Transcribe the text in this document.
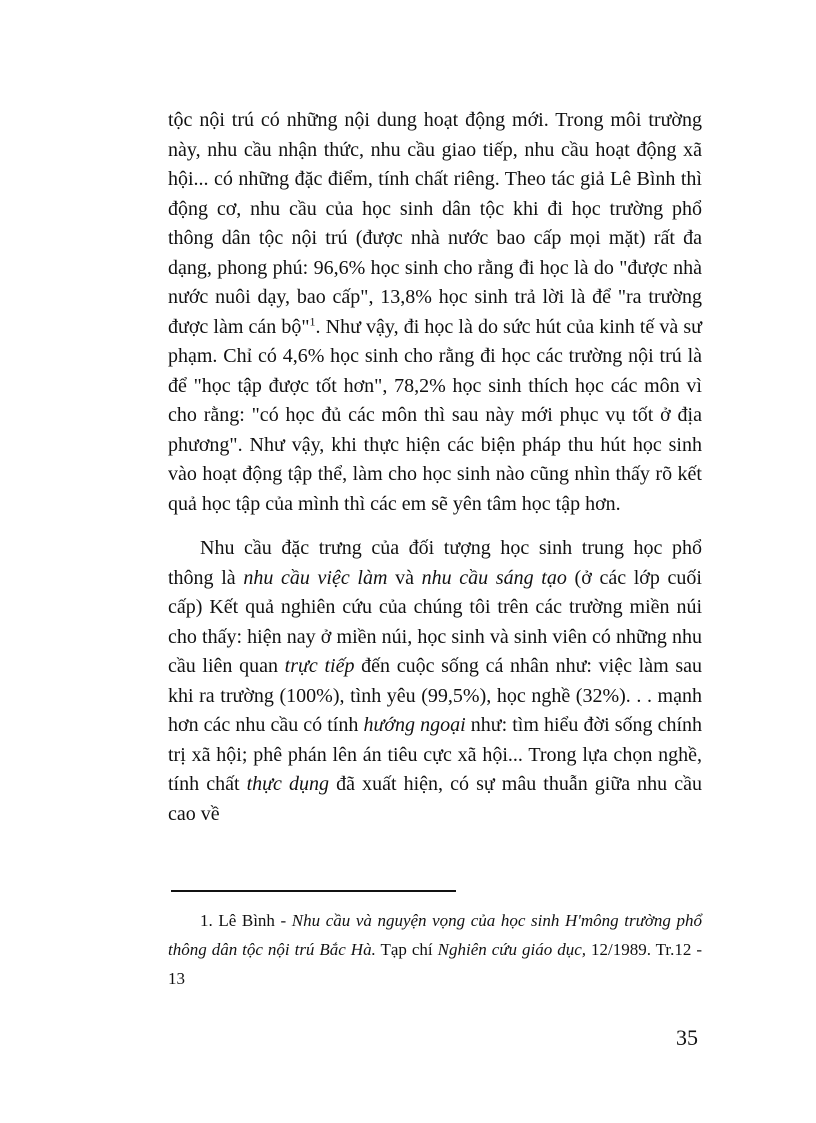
tộc nội trú có những nội dung hoạt động mới. Trong môi trường này, nhu cầu nhận thức, nhu cầu giao tiếp, nhu cầu hoạt động xã hội... có những đặc điểm, tính chất riêng. Theo tác giả Lê Bình thì động cơ, nhu cầu của học sinh dân tộc khi đi học trường phổ thông dân tộc nội trú (được nhà nước bao cấp mọi mặt) rất đa dạng, phong phú: 96,6% học sinh cho rằng đi học là do "được nhà nước nuôi dạy, bao cấp", 13,8% học sinh trả lời là để "ra trường được làm cán bộ"$^1$. Như vậy, đi học là do sức hút của kinh tế và sư phạm. Chỉ có 4,6% học sinh cho rằng đi học các trường nội trú là để "học tập được tốt hơn", 78,2% học sinh thích học các môn vì cho rằng: "có học đủ các môn thì sau này mới phục vụ tốt ở địa phương". Như vậy, khi thực hiện các biện pháp thu hút học sinh vào hoạt động tập thể, làm cho học sinh nào cũng nhìn thấy rõ kết quả học tập của mình thì các em sẽ yên tâm học tập hơn.

Nhu cầu đặc trưng của đối tượng học sinh trung học phổ thông là nhu cầu việc làm và nhu cầu sáng tạo (ở các lớp cuối cấp) Kết quả nghiên cứu của chúng tôi trên các trường miền núi cho thấy: hiện nay ở miền núi, học sinh và sinh viên có những nhu cầu liên quan trực tiếp đến cuộc sống cá nhân như: việc làm sau khi ra trường (100%), tình yêu (99,5%), học nghề (32%). . . mạnh hơn các nhu cầu có tính hướng ngoại như: tìm hiểu đời sống chính trị xã hội; phê phán lên án tiêu cực xã hội... Trong lựa chọn nghề, tính chất thực dụng đã xuất hiện, có sự mâu thuẫn giữa nhu cầu cao về

1. Lê Bình - Nhu cầu và nguyện vọng của học sinh H'mông trường phổ thông dân tộc nội trú Bắc Hà. Tạp chí Nghiên cứu giáo dục, 12/1989. Tr.12 - 13

35
